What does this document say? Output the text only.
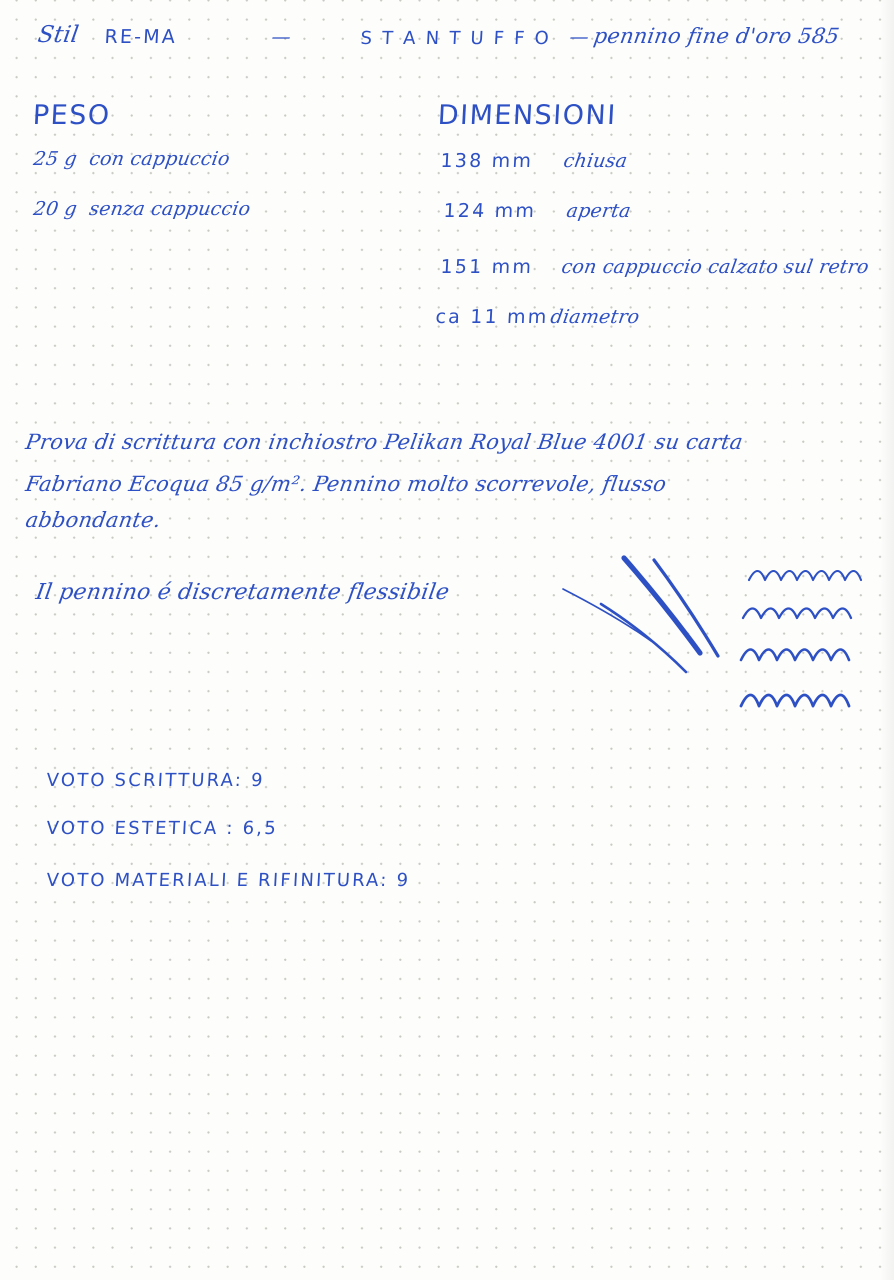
Stil RE-MA	—	S T A N T U F F O — pennino fine d'oro 585
PESO
25 g  con cappuccio
20 g  senza cappuccio
DIMENSIONI
138 mm chiusa
124 mm aperta
151 mm con cappuccio calzato sul retro
ca 11 mm diametro
Prova di scrittura con inchiostro Pelikan Royal Blue 4001 su carta
Fabriano Ecoqua 85 g/m². Pennino molto scorrevole, flusso
abbondante.
Il pennino é discretamente flessibile
VOTO SCRITTURA: 9
VOTO ESTETICA : 6,5
VOTO MATERIALI E RIFINITURA: 9
